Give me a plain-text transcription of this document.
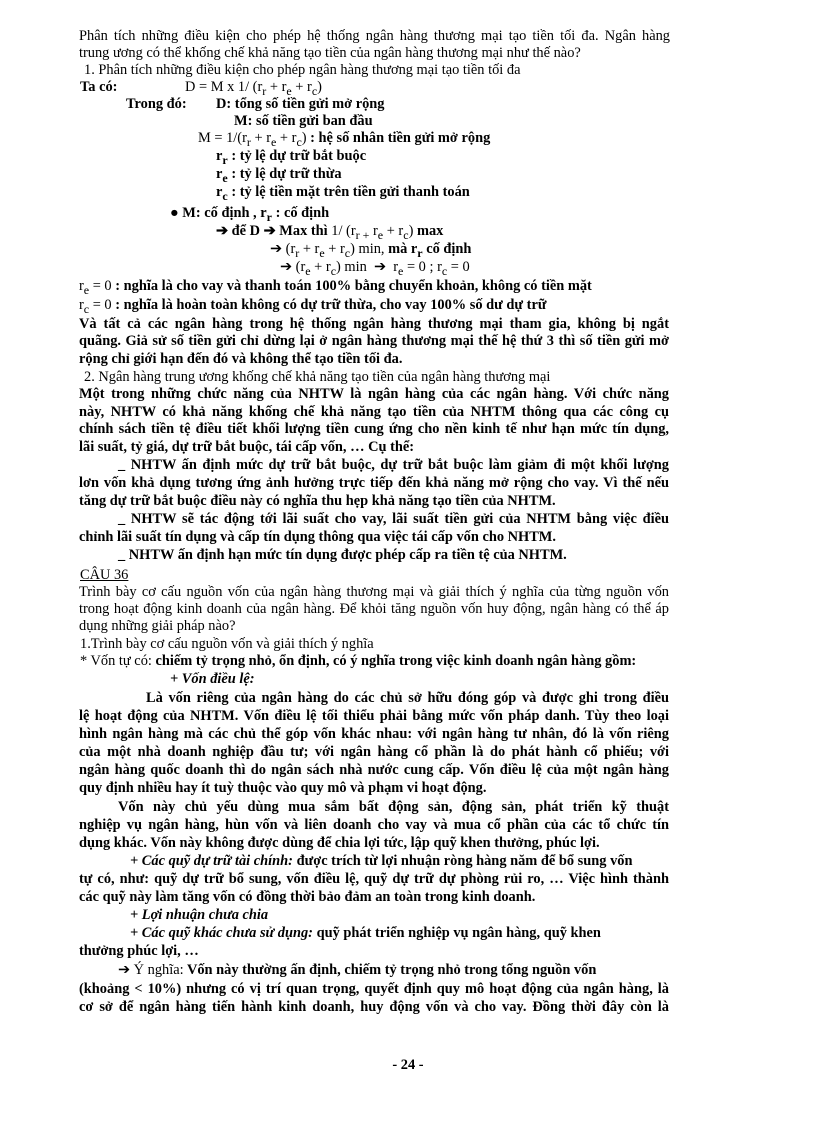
Phân tích những điều kiện cho phép hệ thống ngân hàng thương mại tạo tiền tối đa. Ngân hàng
trung ương có thể khống chế khả năng tạo tiền của ngân hàng thương mại như thế nào?
1. Phân tích những điều kiện cho phép ngân hàng thương mại tạo tiền tối đa
Ta có:	D = M x 1/ $(r_r + r_e + r_c)$
Trong đó: D: tổng số tiền gửi mở rộng
M: số tiền gửi ban đầu
$M = 1/(r_r + r_e + r_c)$ : hệ số nhân tiền gửi mở rộng
$r_r$ : tỷ lệ dự trữ bắt buộc
$r_e$ : tỷ lệ dự trữ thừa
$r_c$ : tỷ lệ tiền mặt trên tiền gửi thanh toán
● M: cố định , $r_r$ : cố định
➔ để D ➔ Max thì 1/ ($r_{r +}$ $r_e + r_c$) max
➔ $(r_r + r_e + r_c)$ min, mà $r_r$ cố định
➔ $(r_e + r_c)$ min  ➔  $r_e = 0$ ; $r_c = 0$
$r_e = 0$ : nghĩa là cho vay và thanh toán 100% bằng chuyển khoản, không có tiền mặt
$r_c = 0$ : nghĩa là hoàn toàn không có dự trữ thừa, cho vay 100% số dư dự trữ
Và tất cả các ngân hàng trong hệ thống ngân hàng thương mại tham gia, không bị ngắt
quãng. Giả sử số tiền gửi chỉ dừng lại ở ngân hàng thương mại thế hệ thứ 3 thì số tiền gửi mở
rộng chỉ giới hạn đến đó và không thể tạo tiền tối đa.
2. Ngân hàng trung ương khống chế khả năng tạo tiền của ngân hàng thương mại
Một trong những chức năng của NHTW là ngân hàng của các ngân hàng. Với chức năng
này, NHTW có khả năng khống chế khả năng tạo tiền của NHTM thông qua các công cụ
chính sách tiền tệ điều tiết khối lượng tiền cung ứng cho nền kinh tế như hạn mức tín dụng,
lãi suất, tỷ giá, dự trữ bắt buộc, tái cấp vốn, … Cụ thể:
_ NHTW ấn định mức dự trữ bắt buộc, dự trữ bắt buộc làm giảm đi một khối lượng
lơn vốn khả dụng tương ứng ảnh hưởng trực tiếp đến khả năng mở rộng cho vay. Vì thế nếu
tăng dự trữ bắt buộc điều này có nghĩa thu hẹp khả năng tạo tiền của NHTM.
_ NHTW sẽ tác động tới lãi suất cho vay, lãi suất tiền gửi của NHTM bằng việc điều
chỉnh lãi suất tín dụng và cấp tín dụng thông qua việc tái cấp vốn cho NHTM.
_ NHTW ấn định hạn mức tín dụng được phép cấp ra tiền tệ của NHTM.
CÂU 36
Trình bày cơ cấu nguồn vốn của ngân hàng thương mại và giải thích ý nghĩa của từng nguồn vốn
trong hoạt động kinh doanh của ngân hàng. Để khỏi tăng nguồn vốn huy động, ngân hàng có thể áp
dụng những giải pháp nào?
1.Trình bày cơ cấu nguồn vốn và giải thích ý nghĩa
* Vốn tự có: chiếm tỷ trọng nhỏ, ổn định, có ý nghĩa trong việc kinh doanh ngân hàng gồm:
+ Vốn điều lệ:
Là vốn riêng của ngân hàng do các chủ sở hữu đóng góp và được ghi trong điều
lệ hoạt động của NHTM. Vốn điều lệ tối thiểu phải bằng mức vốn pháp danh. Tùy theo loại
hình ngân hàng mà các chủ thể góp vốn khác nhau: với ngân hàng tư nhân, đó là vốn riêng
của một nhà doanh nghiệp đầu tư; với ngân hàng cổ phần là do phát hành cổ phiếu; với
ngân hàng quốc doanh thì do ngân sách nhà nước cung cấp. Vốn điều lệ của một ngân hàng
quy định nhiều hay ít tuỳ thuộc vào quy mô và phạm vi hoạt động.
Vốn này chủ yếu dùng mua sắm bất động sản, động sản, phát triển kỹ thuật
nghiệp vụ ngân hàng, hùn vốn và liên doanh cho vay và mua cổ phần của các tổ chức tín
dụng khác. Vốn này không được dùng để chia lợi tức, lập quỹ khen thưởng, phúc lợi.
+ Các quỹ dự trữ tài chính: được trích từ lợi nhuận ròng hàng năm để bổ sung vốn
tự có, như: quỹ dự trữ bổ sung, vốn điều lệ, quỹ dự trữ dự phòng rủi ro, … Việc hình thành
các quỹ này làm tăng vốn có đồng thời bảo đảm an toàn trong kinh doanh.
+ Lợi nhuận chưa chia
+ Các quỹ khác chưa sử dụng: quỹ phát triển nghiệp vụ ngân hàng, quỹ khen
thưởng phúc lợi, …
➔ Ý nghĩa: Vốn này thường ấn định, chiếm tỷ trọng nhỏ trong tổng nguồn vốn
(khoảng < 10%) nhưng có vị trí quan trọng, quyết định quy mô hoạt động của ngân hàng, là
cơ sở để ngân hàng tiến hành kinh doanh, huy động vốn và cho vay. Đồng thời đây còn là
- 24 -
